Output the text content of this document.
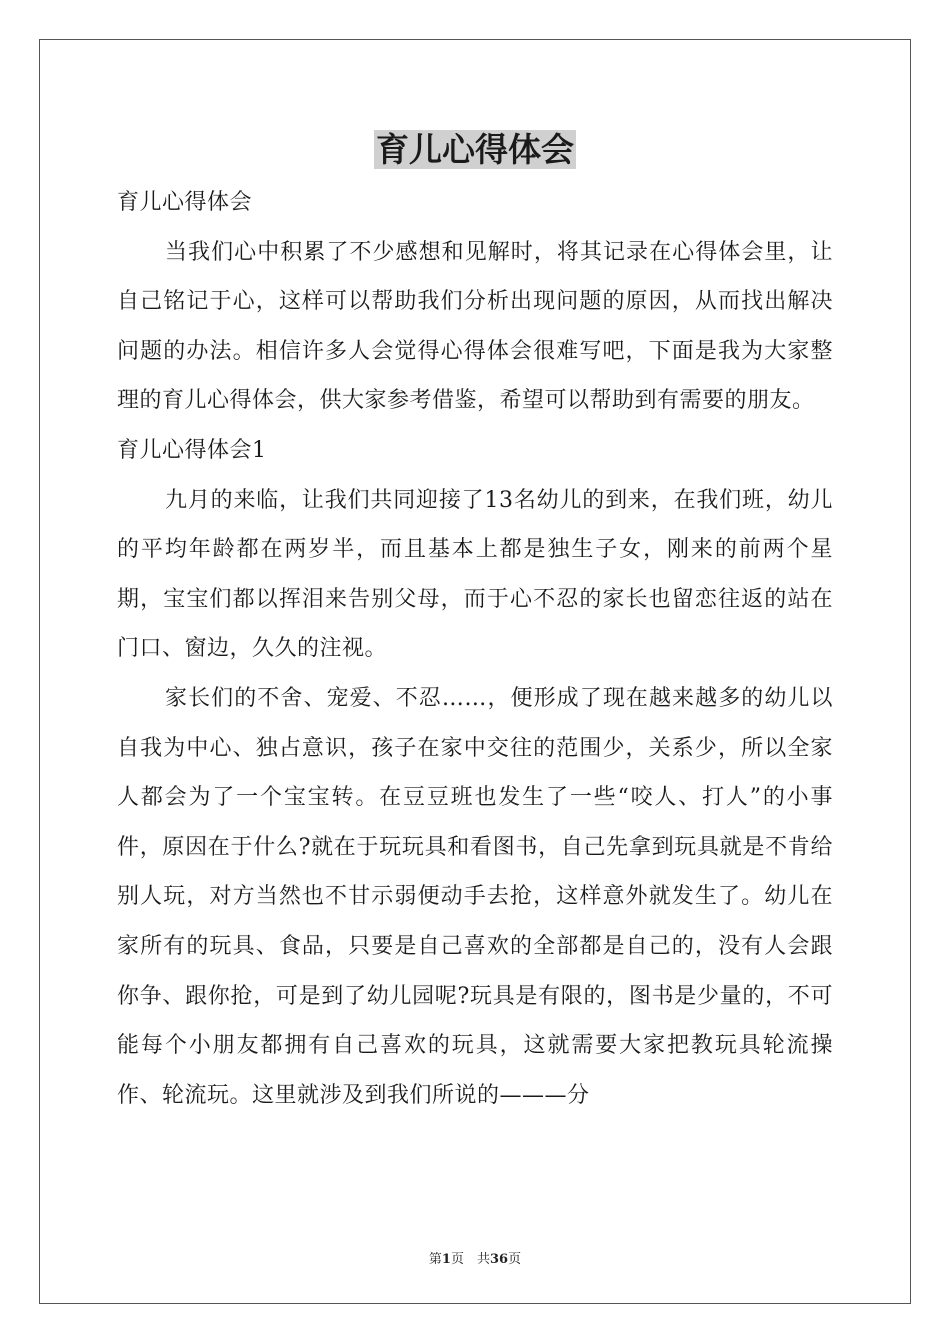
育儿心得体会

育儿心得体会

当我们心中积累了不少感想和见解时，将其记录在心得体会里，让自己铭记于心，这样可以帮助我们分析出现问题的原因，从而找出解决问题的办法。相信许多人会觉得心得体会很难写吧，下面是我为大家整理的育儿心得体会，供大家参考借鉴，希望可以帮助到有需要的朋友。

育儿心得体会1

九月的来临，让我们共同迎接了13名幼儿的到来，在我们班，幼儿的平均年龄都在两岁半，而且基本上都是独生子女，刚来的前两个星期，宝宝们都以挥泪来告别父母，而于心不忍的家长也留恋往返的站在门口、窗边，久久的注视。

家长们的不舍、宠爱、不忍……，便形成了现在越来越多的幼儿以自我为中心、独占意识，孩子在家中交往的范围少，关系少，所以全家人都会为了一个宝宝转。在豆豆班也发生了一些“咬人、打人”的小事件，原因在于什么?就在于玩玩具和看图书，自己先拿到玩具就是不肯给别人玩，对方当然也不甘示弱便动手去抢，这样意外就发生了。幼儿在家所有的玩具、食品，只要是自己喜欢的全部都是自己的，没有人会跟你争、跟你抢，可是到了幼儿园呢?玩具是有限的，图书是少量的，不可能每个小朋友都拥有自己喜欢的玩具，这就需要大家把教玩具轮流操作、轮流玩。这里就涉及到我们所说的———分

第1页　共36页
